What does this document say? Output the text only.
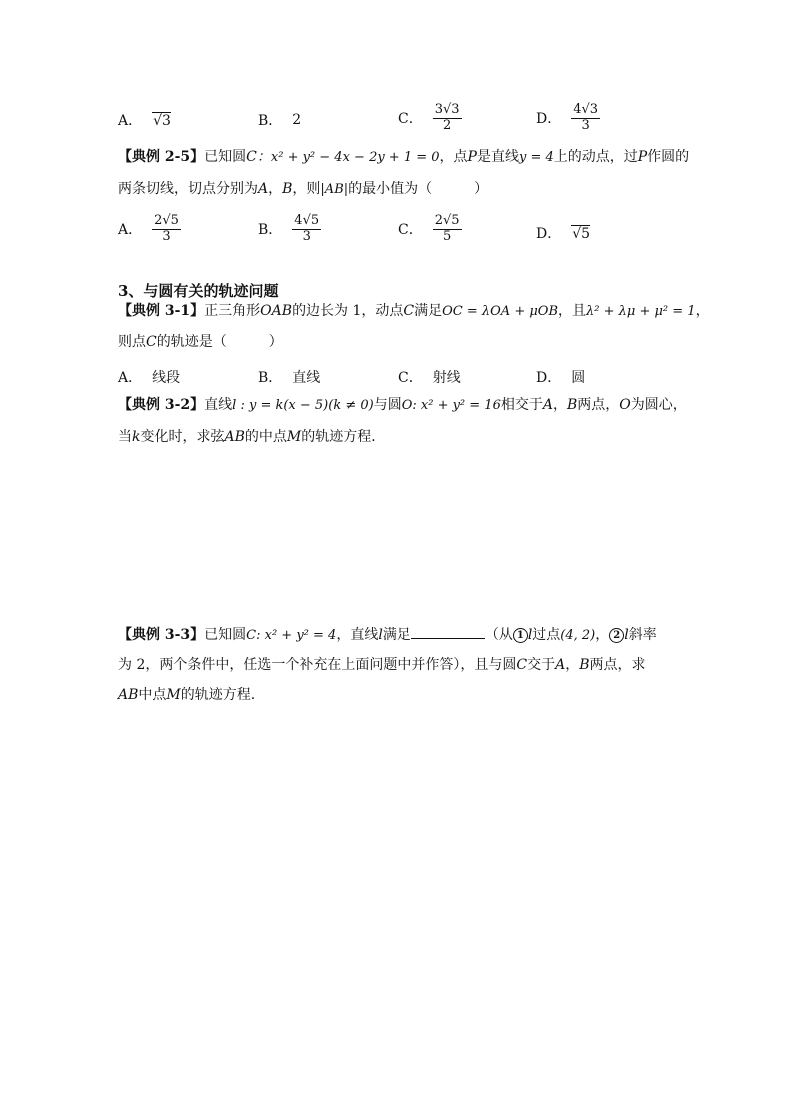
A． √3	B． 2	C． $\frac{3√3}{2}$	D． $\frac{4√3}{3}$
【典例 2-5】已知圆C：x² + y² − 4x − 2y + 1 = 0，点P是直线y = 4上的动点，过P作圆的
两条切线，切点分别为A，B，则|AB|的最小值为（　　　）
A． $\frac{2√5}{3}$	B． $\frac{4√5}{3}$	C． $\frac{2√5}{5}$	D． √5
3、与圆有关的轨迹问题
【典例 3-1】正三角形OAB的边长为 1，动点C满足OC = λOA + μOB，且λ² + λμ + μ² = 1，
则点C的轨迹是（　　　）
A． 线段	B． 直线	C． 射线	D． 圆
【典例 3-2】直线l : y = k(x − 5)(k ≠ 0)与圆O: x² + y² = 16相交于A，B两点，O为圆心，
当k变化时，求弦AB的中点M的轨迹方程．
【典例 3-3】已知圆C: x² + y² = 4，直线l满足	（从 1 l过点(4, 2)， 2 l斜率
为 2，两个条件中，任选一个补充在上面问题中并作答），且与圆C交于A，B两点，求
AB中点M的轨迹方程.
